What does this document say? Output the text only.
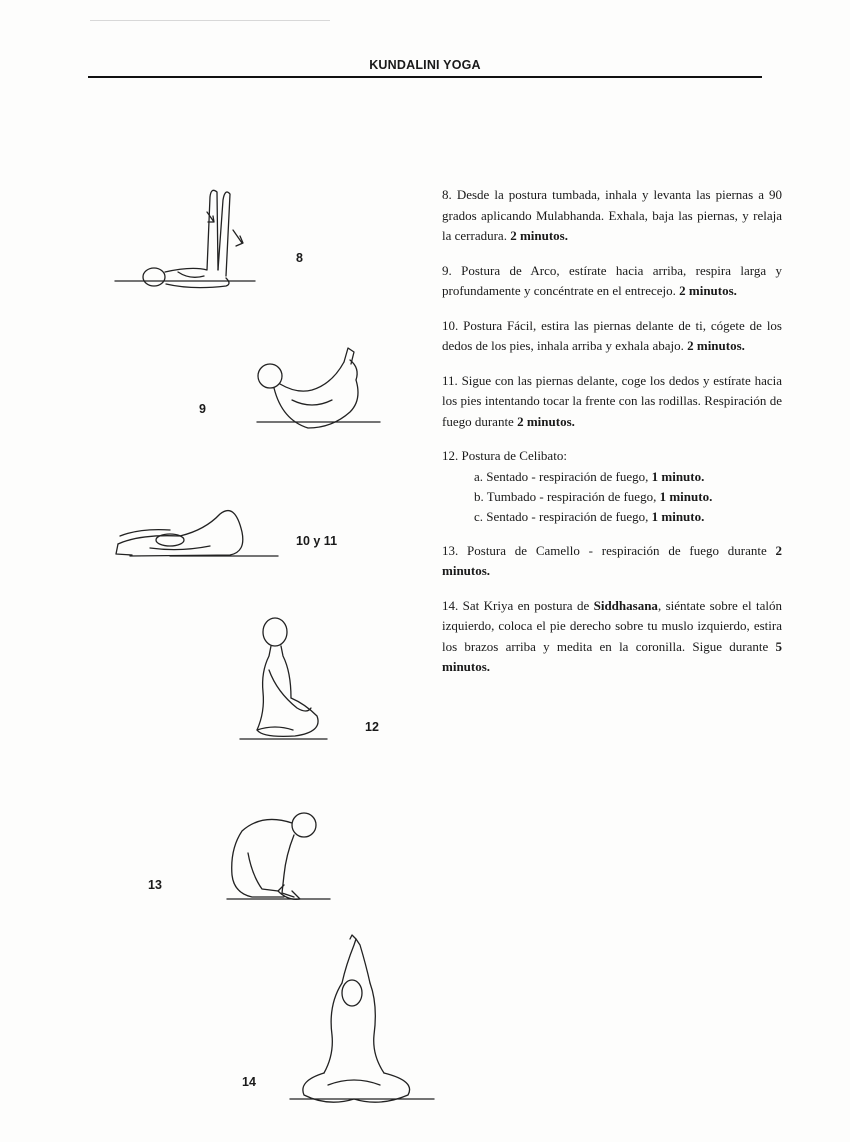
KUNDALINI YOGA
8
9
10 y 11
12
13
14
8. Desde la postura tumbada, inhala y levanta las piernas a 90 grados aplicando Mulabhanda. Exhala, baja las piernas, y relaja la cerradura. 2 minutos.
9. Postura de Arco, estírate hacia arriba, respira larga y profundamente y concéntrate en el entrecejo. 2 minutos.
10. Postura Fácil, estira las piernas delante de ti, cógete de los dedos de los pies, inhala arriba y exhala abajo. 2 minutos.
11. Sigue con las piernas delante, coge los dedos y estírate hacia los pies intentando tocar la frente con las rodillas. Respiración de fuego durante 2 minutos.
12. Postura de Celibato:
a. Sentado - respiración de fuego, 1 minuto.
b. Tumbado - respiración de fuego, 1 minuto.
c. Sentado - respiración de fuego, 1 minuto.
13. Postura de Camello - respiración de fuego durante 2 minutos.
14. Sat Kriya en postura de Siddhasana, siéntate sobre el talón izquierdo, coloca el pie derecho sobre tu muslo izquierdo, estira los brazos arriba y medita en la coronilla. Sigue durante 5 minutos.
